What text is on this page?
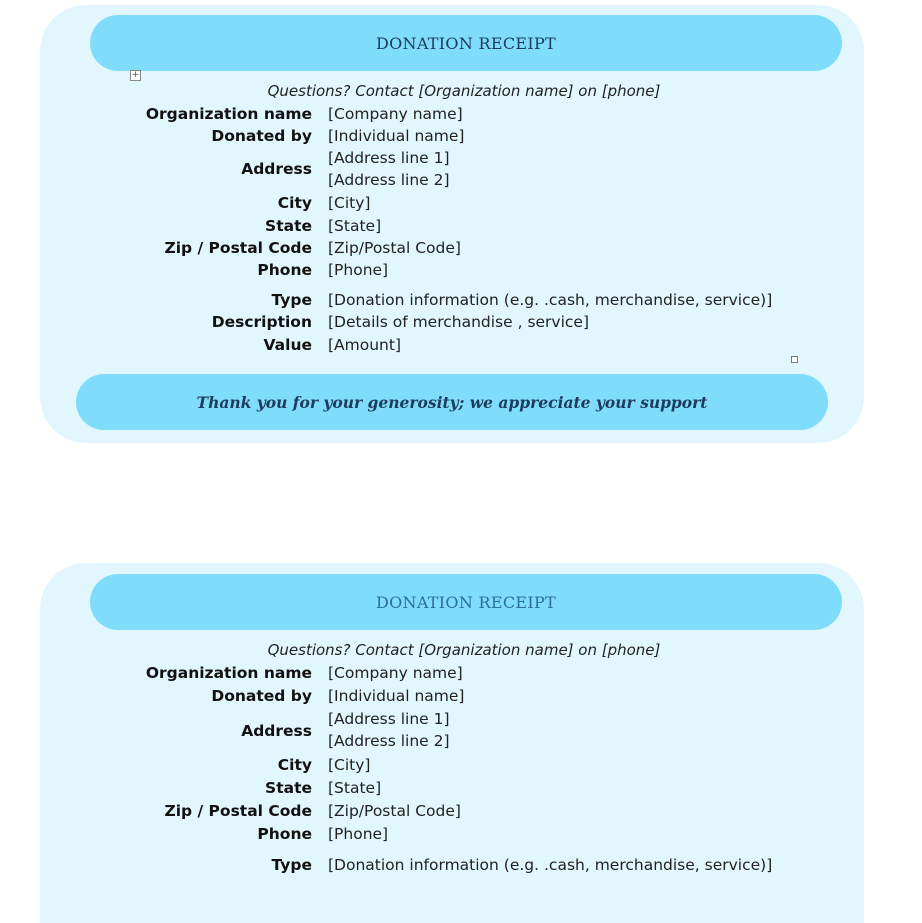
DONATION RECEIPT
+
Questions? Contact [Organization name] on [phone]
Organization name [Company name]
Donated by [Individual name]
Address
[Address line 1]
[Address line 2]
City [City]
State [State]
Zip / Postal Code [Zip/Postal Code]
Phone [Phone]
Type [Donation information (e.g. .cash, merchandise, service)]
Description [Details of merchandise , service]
Value [Amount]
Thank you for your generosity; we appreciate your support
DONATION RECEIPT
Questions? Contact [Organization name] on [phone]
Organization name [Company name]
Donated by [Individual name]
Address
[Address line 1]
[Address line 2]
City [City]
State [State]
Zip / Postal Code [Zip/Postal Code]
Phone [Phone]
Type [Donation information (e.g. .cash, merchandise, service)]
